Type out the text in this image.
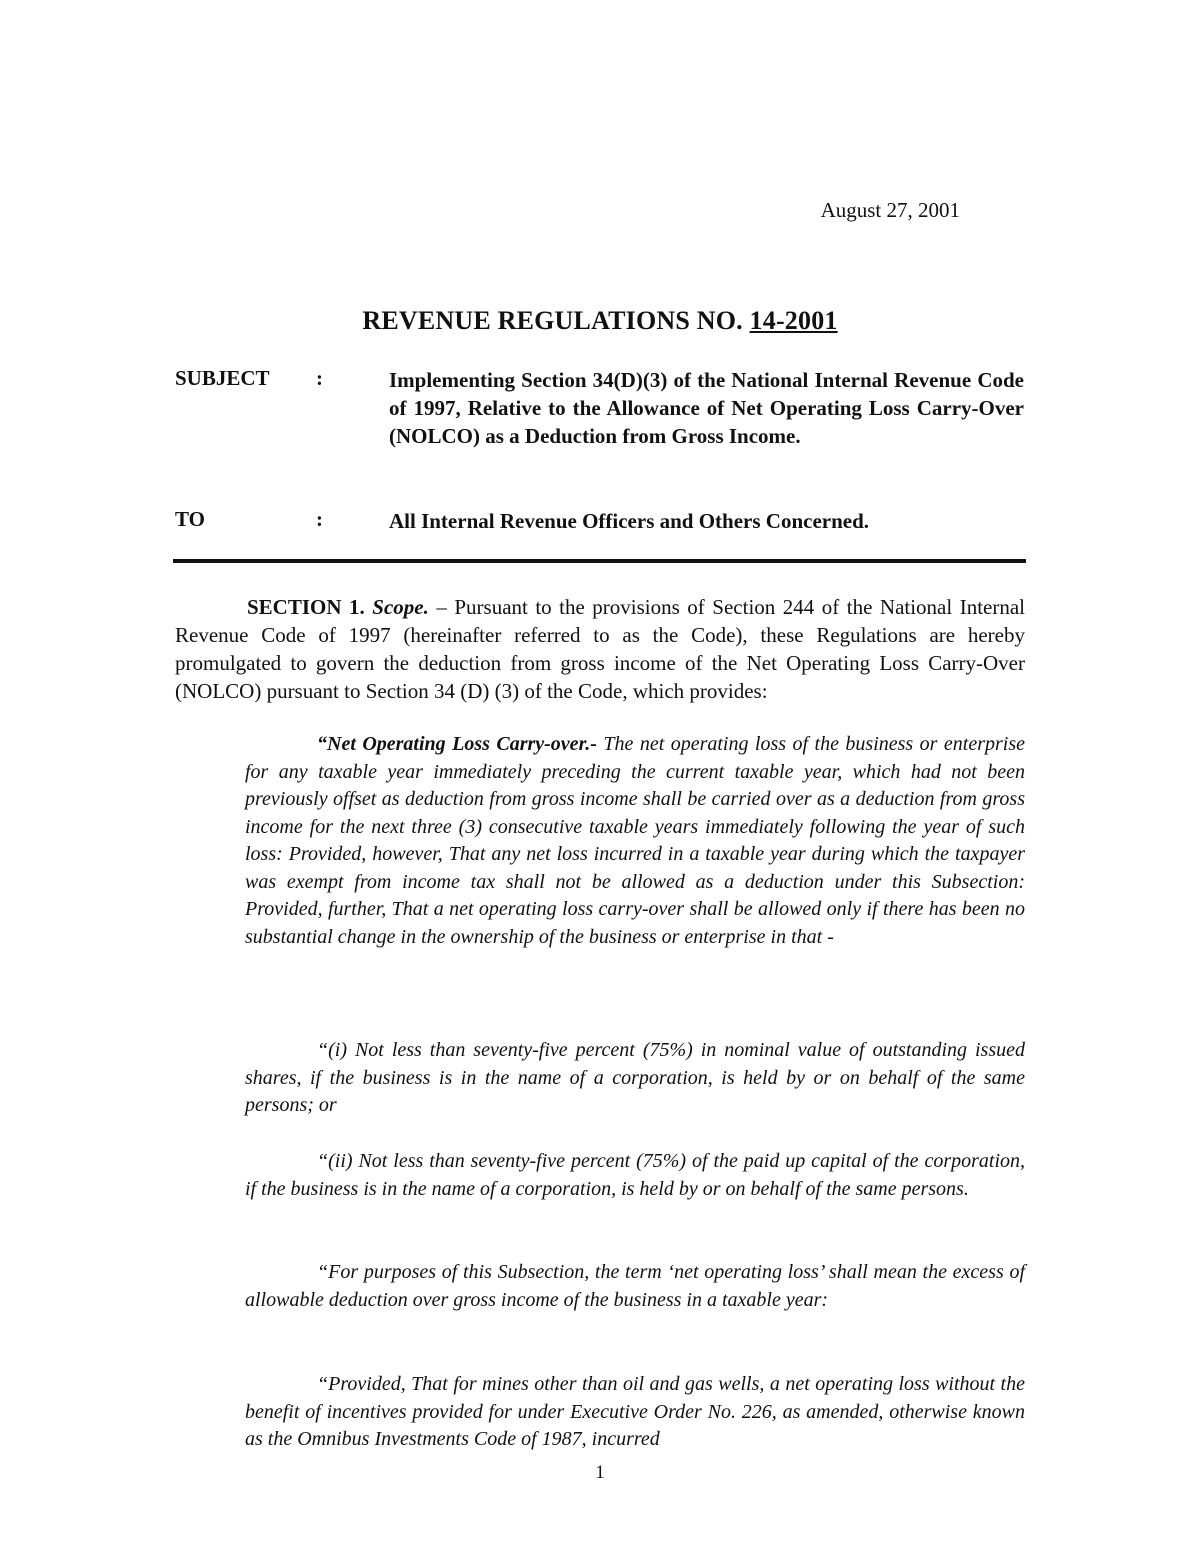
August 27, 2001
REVENUE REGULATIONS NO. 14-2001
SUBJECT :	Implementing Section 34(D)(3) of the National Internal Revenue Code of 1997, Relative to the Allowance of Net Operating Loss Carry-Over (NOLCO) as a Deduction from Gross Income.
TO	:	All Internal Revenue Officers and Others Concerned.
SECTION 1. Scope. – Pursuant to the provisions of Section 244 of the National Internal Revenue Code of 1997 (hereinafter referred to as the Code), these Regulations are hereby promulgated to govern the deduction from gross income of the Net Operating Loss Carry-Over (NOLCO) pursuant to Section 34 (D) (3) of the Code, which provides:
“Net Operating Loss Carry-over.- The net operating loss of the business or enterprise for any taxable year immediately preceding the current taxable year, which had not been previously offset as deduction from gross income shall be carried over as a deduction from gross income for the next three (3) consecutive taxable years immediately following the year of such loss: Provided, however, That any net loss incurred in a taxable year during which the taxpayer was exempt from income tax shall not be allowed as a deduction under this Subsection: Provided, further, That a net operating loss carry-over shall be allowed only if there has been no substantial change in the ownership of the business or enterprise in that -
“(i) Not less than seventy-five percent (75%) in nominal value of outstanding issued shares, if the business is in the name of a corporation, is held by or on behalf of the same persons; or
“(ii) Not less than seventy-five percent (75%) of the paid up capital of the corporation, if the business is in the name of a corporation, is held by or on behalf of the same persons.
“For purposes of this Subsection, the term ‘net operating loss’ shall mean the excess of allowable deduction over gross income of the business in a taxable year:
“Provided, That for mines other than oil and gas wells, a net operating loss without the benefit of incentives provided for under Executive Order No. 226, as amended, otherwise known as the Omnibus Investments Code of 1987, incurred
1
